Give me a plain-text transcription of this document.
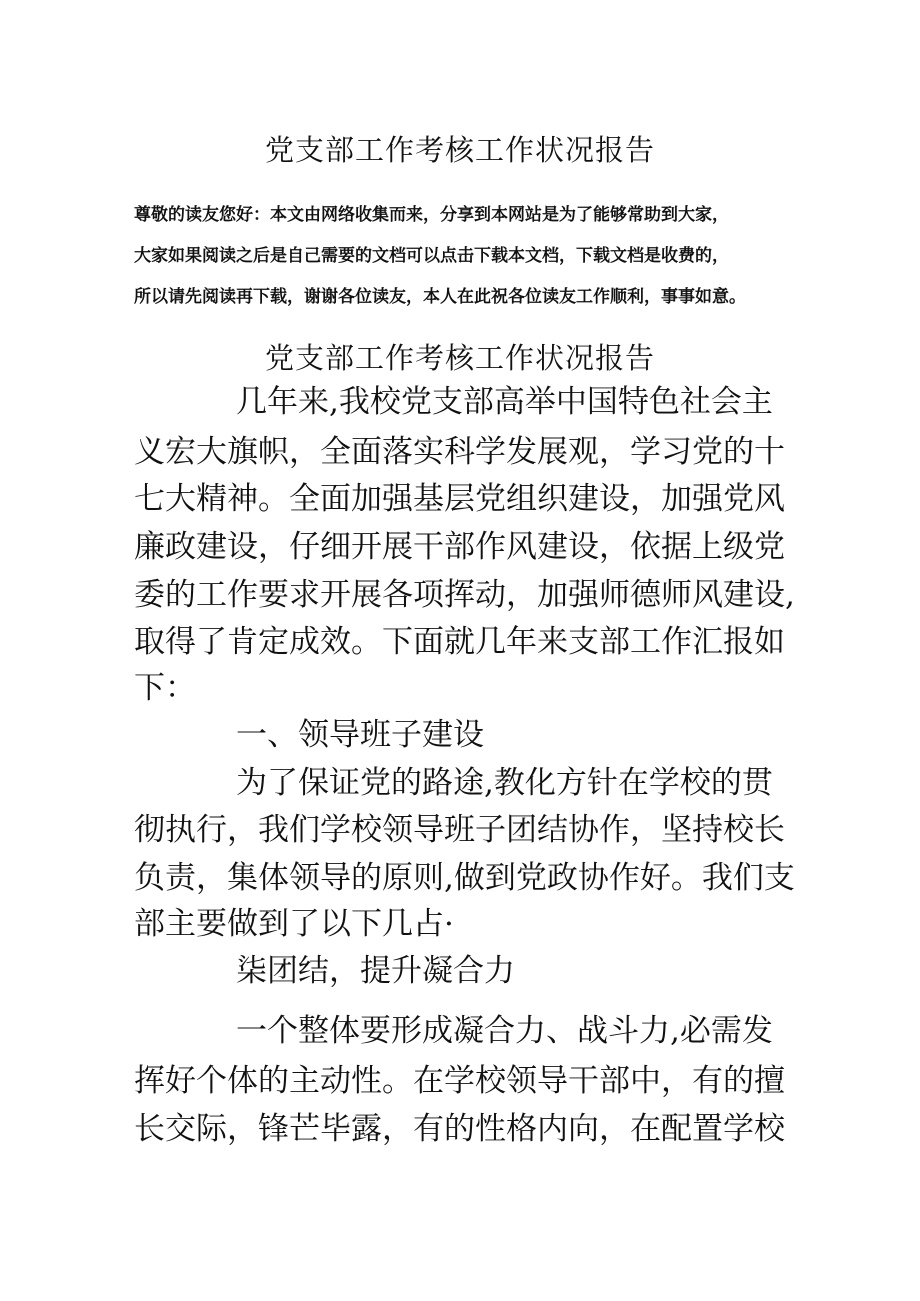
党支部工作考核工作状况报告
尊敬的读友您好：本文由网络收集而来，分享到本网站是为了能够常助到大家，
大家如果阅读之后是自己需要的文档可以点击下载本文档，下载文档是收费的，
所以请先阅读再下载，谢谢各位读友，本人在此祝各位读友工作顺利，事事如意。
党支部工作考核工作状况报告
几年来,我校党支部高举中国特色社会主
义宏大旗帜，全面落实科学发展观，学习党的十
七大精神。全面加强基层党组织建设，加强党风
廉政建设，仔细开展干部作风建设，依据上级党
委的工作要求开展各项挥动，加强师德师风建设,
取得了肯定成效。下面就几年来支部工作汇报如
下：
一、领导班子建设
为了保证党的路途,教化方针在学校的贯
彻执行，我们学校领导班子团结协作，坚持校长
负责，集体领导的原则,做到党政协作好。我们支
部主要做到了以下几占·
柒团结，提升凝合力
一个整体要形成凝合力、战斗力,必需发
挥好个体的主动性。在学校领导干部中，有的擅
长交际，锋芒毕露，有的性格内向，在配置学校
